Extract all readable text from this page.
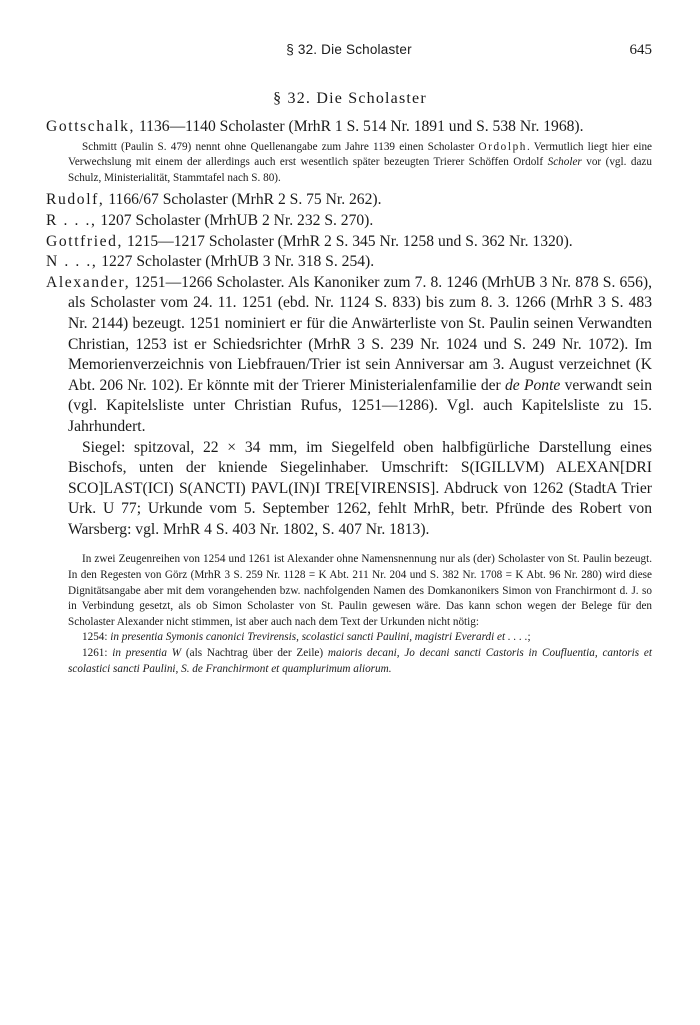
§ 32. Die Scholaster	645
§ 32. Die Scholaster

Gottschalk, 1136—1140 Scholaster (MrhR 1 S. 514 Nr. 1891 und S. 538 Nr. 1968).

Schmitt (Paulin S. 479) nennt ohne Quellenangabe zum Jahre 1139 einen Scholaster Ordolph. Vermutlich liegt hier eine Verwechslung mit einem der allerdings auch erst wesentlich später bezeugten Trierer Schöffen Ordolf Scholer vor (vgl. dazu Schulz, Ministerialität, Stammtafel nach S. 80).

Rudolf, 1166/67 Scholaster (MrhR 2 S. 75 Nr. 262).

R . . ., 1207 Scholaster (MrhUB 2 Nr. 232 S. 270).

Gottfried, 1215—1217 Scholaster (MrhR 2 S. 345 Nr. 1258 und S. 362 Nr. 1320).

N . . ., 1227 Scholaster (MrhUB 3 Nr. 318 S. 254).

Alexander, 1251—1266 Scholaster. Als Kanoniker zum 7. 8. 1246 (MrhUB 3 Nr. 878 S. 656), als Scholaster vom 24. 11. 1251 (ebd. Nr. 1124 S. 833) bis zum 8. 3. 1266 (MrhR 3 S. 483 Nr. 2144) bezeugt. 1251 nominiert er für die Anwärterliste von St. Paulin seinen Verwandten Christian, 1253 ist er Schiedsrichter (MrhR 3 S. 239 Nr. 1024 und S. 249 Nr. 1072). Im Memorienverzeichnis von Liebfrauen/Trier ist sein Anniversar am 3. August verzeichnet (K Abt. 206 Nr. 102). Er könnte mit der Trierer Ministerialenfamilie der de Ponte verwandt sein (vgl. Kapitelsliste unter Christian Rufus, 1251—1286). Vgl. auch Kapitelsliste zu 15. Jahrhundert.

Siegel: spitzoval, 22 × 34 mm, im Siegelfeld oben halbfigürliche Darstellung eines Bischofs, unten der kniende Siegelinhaber. Umschrift: S(IGILLVM) ALEXAN[DRI SCO]LAST(ICI) S(ANCTI) PAVL(IN)I TRE[VIRENSIS]. Abdruck von 1262 (StadtA Trier Urk. U 77; Urkunde vom 5. September 1262, fehlt MrhR, betr. Pfründe des Robert von Warsberg: vgl. MrhR 4 S. 403 Nr. 1802, S. 407 Nr. 1813).

In zwei Zeugenreihen von 1254 und 1261 ist Alexander ohne Namensnennung nur als (der) Scholaster von St. Paulin bezeugt. In den Regesten von Görz (MrhR 3 S. 259 Nr. 1128 = K Abt. 211 Nr. 204 und S. 382 Nr. 1708 = K Abt. 96 Nr. 280) wird diese Dignitätsangabe aber mit dem vorangehenden bzw. nachfolgenden Namen des Domkanonikers Simon von Franchirmont d. J. so in Verbindung gesetzt, als ob Simon Scholaster von St. Paulin gewesen wäre. Das kann schon wegen der Belege für den Scholaster Alexander nicht stimmen, ist aber auch nach dem Text der Urkunden nicht nötig:

1254: in presentia Symonis canonici Trevirensis, scolastici sancti Paulini, magistri Everardi et . . . .;

1261: in presentia W (als Nachtrag über der Zeile) maioris decani, Jo decani sancti Castoris in Coufluentia, cantoris et scolastici sancti Paulini, S. de Franchirmont et quamplurimum aliorum.
